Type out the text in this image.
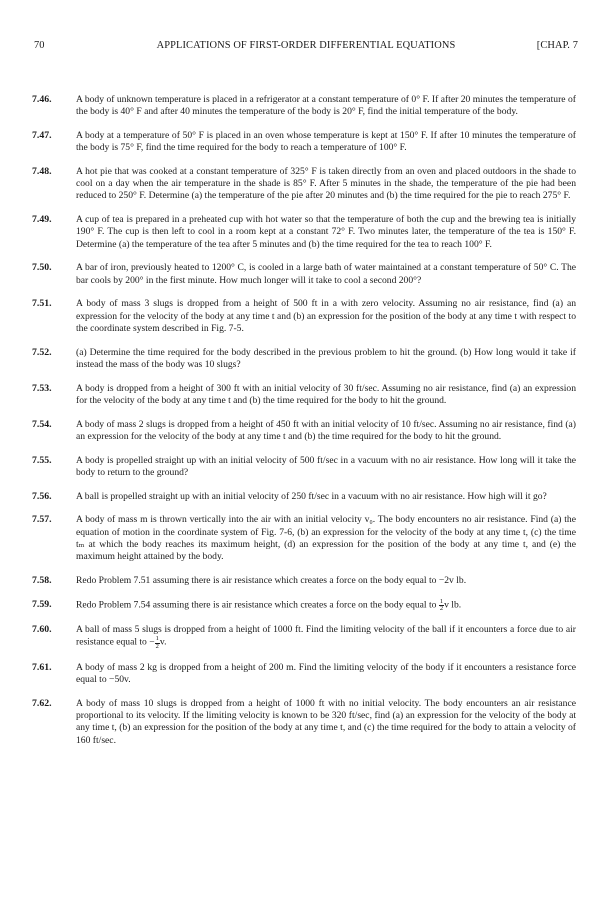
70	APPLICATIONS OF FIRST-ORDER DIFFERENTIAL EQUATIONS	[CHAP. 7
7.46.	A body of unknown temperature is placed in a refrigerator at a constant temperature of 0° F. If after 20 minutes the temperature of the body is 40° F and after 40 minutes the temperature of the body is 20° F, find the initial temperature of the body.
7.47.	A body at a temperature of 50° F is placed in an oven whose temperature is kept at 150° F. If after 10 minutes the temperature of the body is 75° F, find the time required for the body to reach a temperature of 100° F.
7.48.	A hot pie that was cooked at a constant temperature of 325° F is taken directly from an oven and placed outdoors in the shade to cool on a day when the air temperature in the shade is 85° F. After 5 minutes in the shade, the temperature of the pie had been reduced to 250° F. Determine (a) the temperature of the pie after 20 minutes and (b) the time required for the pie to reach 275° F.
7.49.	A cup of tea is prepared in a preheated cup with hot water so that the temperature of both the cup and the brewing tea is initially 190° F. The cup is then left to cool in a room kept at a constant 72° F. Two minutes later, the temperature of the tea is 150° F. Determine (a) the temperature of the tea after 5 minutes and (b) the time required for the tea to reach 100° F.
7.50.	A bar of iron, previously heated to 1200° C, is cooled in a large bath of water maintained at a constant temperature of 50° C. The bar cools by 200° in the first minute. How much longer will it take to cool a second 200°?
7.51.	A body of mass 3 slugs is dropped from a height of 500 ft in a with zero velocity. Assuming no air resistance, find (a) an expression for the velocity of the body at any time t and (b) an expression for the position of the body at any time t with respect to the coordinate system described in Fig. 7-5.
7.52.	(a) Determine the time required for the body described in the previous problem to hit the ground. (b) How long would it take if instead the mass of the body was 10 slugs?
7.53.	A body is dropped from a height of 300 ft with an initial velocity of 30 ft/sec. Assuming no air resistance, find (a) an expression for the velocity of the body at any time t and (b) the time required for the body to hit the ground.
7.54.	A body of mass 2 slugs is dropped from a height of 450 ft with an initial velocity of 10 ft/sec. Assuming no air resistance, find (a) an expression for the velocity of the body at any time t and (b) the time required for the body to hit the ground.
7.55.	A body is propelled straight up with an initial velocity of 500 ft/sec in a vacuum with no air resistance. How long will it take the body to return to the ground?
7.56.	A ball is propelled straight up with an initial velocity of 250 ft/sec in a vacuum with no air resistance. How high will it go?
7.57.	A body of mass m is thrown vertically into the air with an initial velocity v₀. The body encounters no air resistance. Find (a) the equation of motion in the coordinate system of Fig. 7-6, (b) an expression for the velocity of the body at any time t, (c) the time tₘ at which the body reaches its maximum height, (d) an expression for the position of the body at any time t, and (e) the maximum height attained by the body.
7.58.	Redo Problem 7.51 assuming there is air resistance which creates a force on the body equal to −2v lb.
7.59.	Redo Problem 7.54 assuming there is air resistance which creates a force on the body equal to $\frac{1}{2}$ v lb.
7.60.	A ball of mass 5 slugs is dropped from a height of 1000 ft. Find the limiting velocity of the ball if it encounters a force due to air resistance equal to − $\frac{1}{2} v$.
7.61.	A body of mass 2 kg is dropped from a height of 200 m. Find the limiting velocity of the body if it encounters a resistance force equal to −50v.
7.62.	A body of mass 10 slugs is dropped from a height of 1000 ft with no initial velocity. The body encounters an air resistance proportional to its velocity. If the limiting velocity is known to be 320 ft/sec, find (a) an expression for the velocity of the body at any time t, (b) an expression for the position of the body at any time t, and (c) the time required for the body to attain a velocity of 160 ft/sec.
